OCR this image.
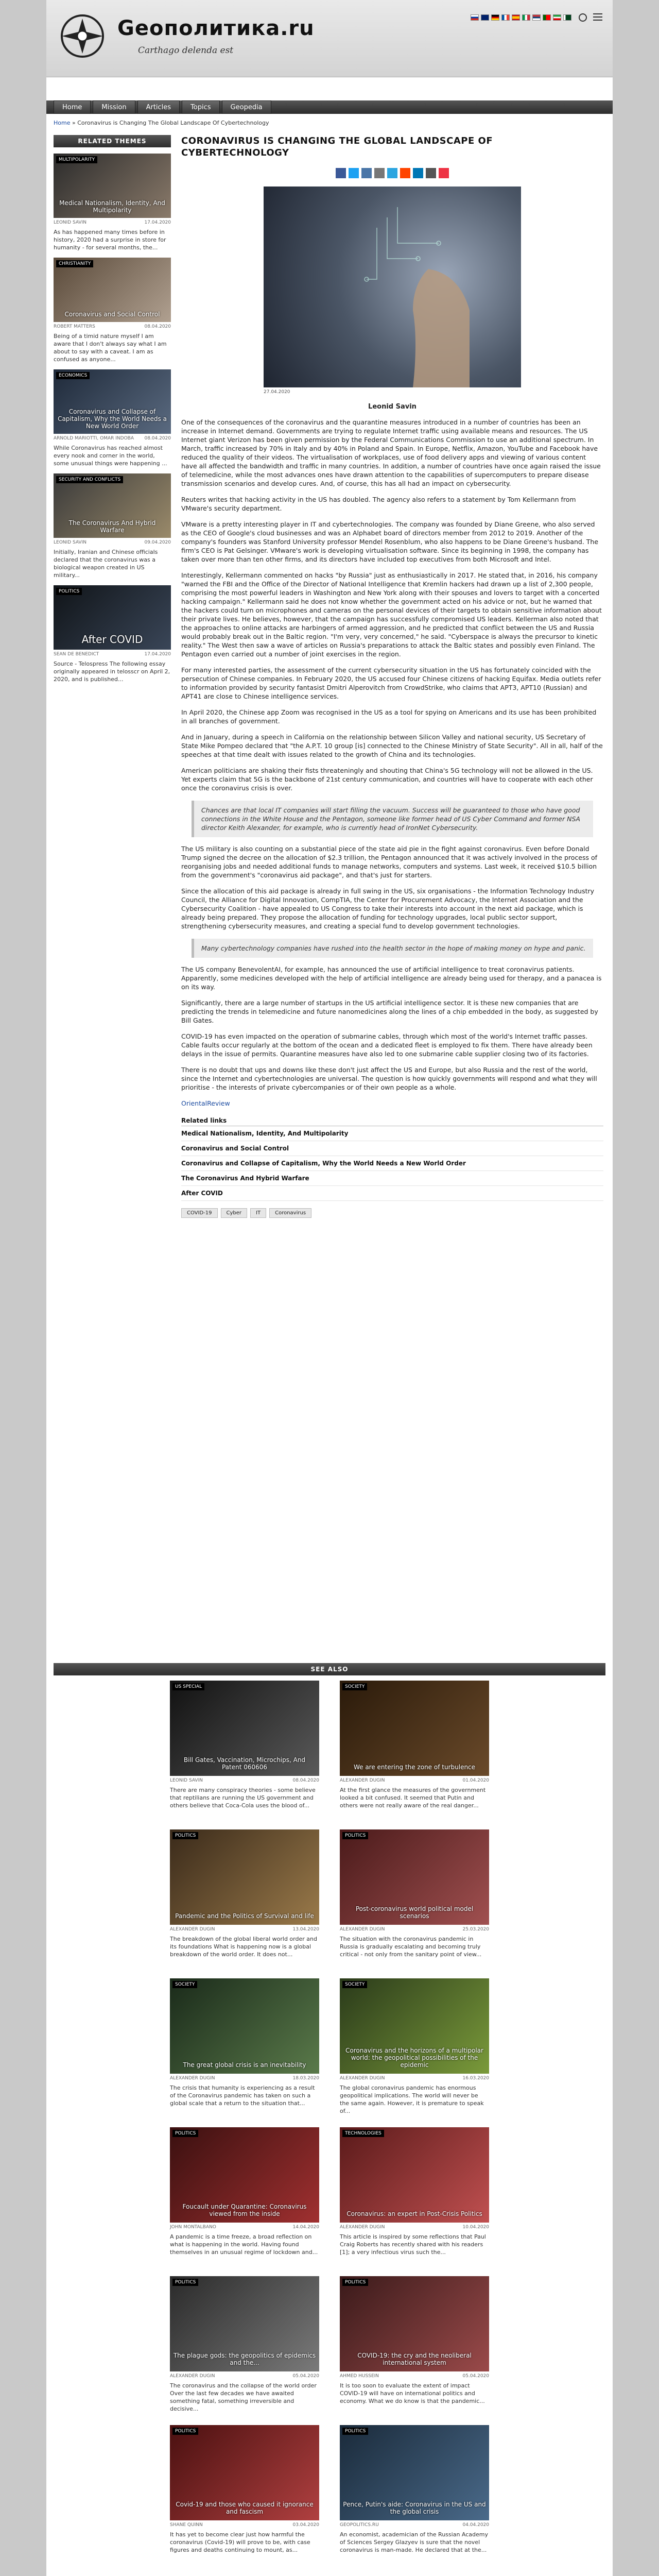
Geoполитика.ru
Carthago delenda est
Home	Mission	Articles	Topics	Geopedia
Home » Coronavirus is Changing The Global Landscape Of Cybertechnology
RELATED THEMES
MULTIPOLARITY
Medical Nationalism, Identity, And Multipolarity
LEONID SAVIN	17.04.2020
As has happened many times before in history, 2020 had a surprise in store for humanity - for several months, the...
CHRISTIANITY
Coronavirus and Social Control
ROBERT MATTERS	08.04.2020
Being of a timid nature myself I am aware that I don't always say what I am about to say with a caveat. I am as confused as anyone...
ECONOMICS
Coronavirus and Collapse of Capitalism, Why the World Needs a New World Order
ARNOLD MARIOTTI, OMAR INDOBA 08.04.2020
While Coronavirus has reached almost every nook and corner in the world, some unusual things were happening ...
SECURITY AND CONFLICTS
The Coronavirus And Hybrid Warfare
LEONID SAVIN	09.04.2020
Initially, Iranian and Chinese officials declared that the coronavirus was a biological weapon created in US military...
POLITICS
After COVID
SEAN DE BENEDICT	17.04.2020
Source - Telospress The following essay originally appeared in telosscr on April 2, 2020, and is published...
CORONAVIRUS IS CHANGING THE GLOBAL LANDSCAPE OF CYBERTECHNOLOGY
27.04.2020
Leonid Savin

One of the consequences of the coronavirus and the quarantine measures introduced in a number of countries has been an increase in Internet demand. Governments are trying to regulate Internet traffic using available means and resources. The US Internet giant Verizon has been given permission by the Federal Communications Commission to use an additional spectrum. In March, traffic increased by 70% in Italy and by 40% in Poland and Spain. In Europe, Netflix, Amazon, YouTube and Facebook have reduced the quality of their videos. The virtualisation of workplaces, use of food delivery apps and viewing of various content have all affected the bandwidth and traffic in many countries. In addition, a number of countries have once again raised the issue of telemedicine, while the most advances ones have drawn attention to the capabilities of supercomputers to prepare disease transmission scenarios and develop cures. And, of course, this has all had an impact on cybersecurity.

Reuters writes that hacking activity in the US has doubled. The agency also refers to a statement by Tom Kellermann from VMware's security department.

VMware is a pretty interesting player in IT and cybertechnologies. The company was founded by Diane Greene, who also served as the CEO of Google's cloud businesses and was an Alphabet board of directors member from 2012 to 2019. Another of the company's founders was Stanford University professor Mendel Rosenblum, who also happens to be Diane Greene's husband. The firm's CEO is Pat Gelsinger. VMware's work is developing virtualisation software. Since its beginning in 1998, the company has taken over more than ten other firms, and its directors have included top executives from both Microsoft and Intel.

Interestingly, Kellermann commented on hacks "by Russia" just as enthusiastically in 2017. He stated that, in 2016, his company "warned the FBI and the Office of the Director of National Intelligence that Kremlin hackers had drawn up a list of 2,300 people, comprising the most powerful leaders in Washington and New York along with their spouses and lovers to target with a concerted hacking campaign." Kellermann said he does not know whether the government acted on his advice or not, but he warned that the hackers could turn on microphones and cameras on the personal devices of their targets to obtain sensitive information about their private lives. He believes, however, that the campaign has successfully compromised US leaders. Kellerman also noted that the approaches to online attacks are harbingers of armed aggression, and he predicted that conflict between the US and Russia would probably break out in the Baltic region. "I'm very, very concerned," he said. "Cyberspace is always the precursor to kinetic reality." The West then saw a wave of articles on Russia's preparations to attack the Baltic states and possibly even Finland. The Pentagon even carried out a number of joint exercises in the region.

For many interested parties, the assessment of the current cybersecurity situation in the US has fortunately coincided with the persecution of Chinese companies. In February 2020, the US accused four Chinese citizens of hacking Equifax. Media outlets refer to information provided by security fantasist Dmitri Alperovitch from CrowdStrike, who claims that APT3, APT10 (Russian) and APT41 are close to Chinese intelligence services.

In April 2020, the Chinese app Zoom was recognised in the US as a tool for spying on Americans and its use has been prohibited in all branches of government.

And in January, during a speech in California on the relationship between Silicon Valley and national security, US Secretary of State Mike Pompeo declared that "the A.P.T. 10 group [is] connected to the Chinese Ministry of State Security". All in all, half of the speeches at that time dealt with issues related to the growth of China and its technologies.

American politicians are shaking their fists threateningly and shouting that China's 5G technology will not be allowed in the US. Yet experts claim that 5G is the backbone of 21st century communication, and countries will have to cooperate with each other once the coronavirus crisis is over.

Chances are that local IT companies will start filling the vacuum. Success will be guaranteed to those who have good connections in the White House and the Pentagon, someone like former head of US Cyber Command and former NSA director Keith Alexander, for example, who is currently head of IronNet Cybersecurity.

The US military is also counting on a substantial piece of the state aid pie in the fight against coronavirus. Even before Donald Trump signed the decree on the allocation of $2.3 trillion, the Pentagon announced that it was actively involved in the process of reorganising jobs and needed additional funds to manage networks, computers and systems. Last week, it received $10.5 billion from the government's "coronavirus aid package", and that's just for starters.

Since the allocation of this aid package is already in full swing in the US, six organisations - the Information Technology Industry Council, the Alliance for Digital Innovation, CompTIA, the Center for Procurement Advocacy, the Internet Association and the Cybersecurity Coalition - have appealed to US Congress to take their interests into account in the next aid package, which is already being prepared. They propose the allocation of funding for technology upgrades, local public sector support, strengthening cybersecurity measures, and creating a special fund to develop government technologies.

Many cybertechnology companies have rushed into the health sector in the hope of making money on hype and panic.

The US company BenevolentAI, for example, has announced the use of artificial intelligence to treat coronavirus patients. Apparently, some medicines developed with the help of artificial intelligence are already being used for therapy, and a panacea is on its way.

Significantly, there are a large number of startups in the US artificial intelligence sector. It is these new companies that are predicting the trends in telemedicine and future nanomedicines along the lines of a chip embedded in the body, as suggested by Bill Gates.

COVID-19 has even impacted on the operation of submarine cables, through which most of the world's Internet traffic passes. Cable faults occur regularly at the bottom of the ocean and a dedicated fleet is employed to fix them. There have already been delays in the issue of permits. Quarantine measures have also led to one submarine cable supplier closing two of its factories.

There is no doubt that ups and downs like these don't just affect the US and Europe, but also Russia and the rest of the world, since the Internet and cybertechnologies are universal. The question is how quickly governments will respond and what they will prioritise - the interests of private cybercompanies or of their own people as a whole.

OrientalReview

Related links
Medical Nationalism, Identity, And Multipolarity
Coronavirus and Social Control
Coronavirus and Collapse of Capitalism, Why the World Needs a New World Order
The Coronavirus And Hybrid Warfare
After COVID
COVID-19	Cyber	IT	Coronavirus
SEE ALSO
US SPECIAL
Bill Gates, Vaccination, Microchips, And Patent 060606
LEONID SAVIN	08.04.2020
There are many conspiracy theories - some believe that reptilians are running the US government and others believe that Coca-Cola uses the blood of...
SOCIETY
We are entering the zone of turbulence
ALEXANDER DUGIN	01.04.2020
At the first glance the measures of the government looked a bit confused. It seemed that Putin and others were not really aware of the real danger...
POLITICS
Pandemic and the Politics of Survival and life
ALEXANDER DUGIN	13.04.2020
The breakdown of the global liberal world order and its foundations What is happening now is a global breakdown of the world order. It does not...
POLITICS
Post-coronavirus world political model scenarios
ALEXANDER DUGIN	25.03.2020
The situation with the coronavirus pandemic in Russia is gradually escalating and becoming truly critical - not only from the sanitary point of view...
SOCIETY
The great global crisis is an inevitability
ALEXANDER DUGIN	18.03.2020
The crisis that humanity is experiencing as a result of the Coronavirus pandemic has taken on such a global scale that a return to the situation that...
SOCIETY
Coronavirus and the horizons of a multipolar world: the geopolitical possibilities of the epidemic
ALEXANDER DUGIN	16.03.2020
The global coronavirus pandemic has enormous geopolitical implications. The world will never be the same again. However, it is premature to speak of...
POLITICS
Foucault under Quarantine: Coronavirus viewed from the inside
JOHN MONTALBANO	14.04.2020
A pandemic is a time freeze, a broad reflection on what is happening in the world. Having found themselves in an unusual regime of lockdown and...
TECHNOLOGIES
Coronavirus: an expert in Post-Crisis Politics
ALEXANDER DUGIN	10.04.2020
This article is inspired by some reflections that Paul Craig Roberts has recently shared with his readers [1]; a very infectious virus such the...
POLITICS
The plague gods: the geopolitics of epidemics and the...
ALEXANDER DUGIN	05.04.2020
The coronavirus and the collapse of the world order Over the last few decades we have awaited something fatal, something irreversible and decisive...
POLITICS
COVID-19: the cry and the neoliberal international system
AHMED HUSSEIN	05.04.2020
It is too soon to evaluate the extent of impact COVID-19 will have on international politics and economy. What we do know is that the pandemic...
POLITICS
Covid-19 and those who caused it ignorance and fascism
SHANE QUINN	03.04.2020
It has yet to become clear just how harmful the coronavirus (Covid-19) will prove to be, with case figures and deaths continuing to mount, as...
POLITICS
Pence, Putin's aide: Coronavirus in the US and the global crisis
GEOPOLITICS.RU	04.04.2020
An economist, academician of the Russian Academy of Sciences Sergey Glazyev is sure that the novel coronavirus is man-made. He declared that at the...
